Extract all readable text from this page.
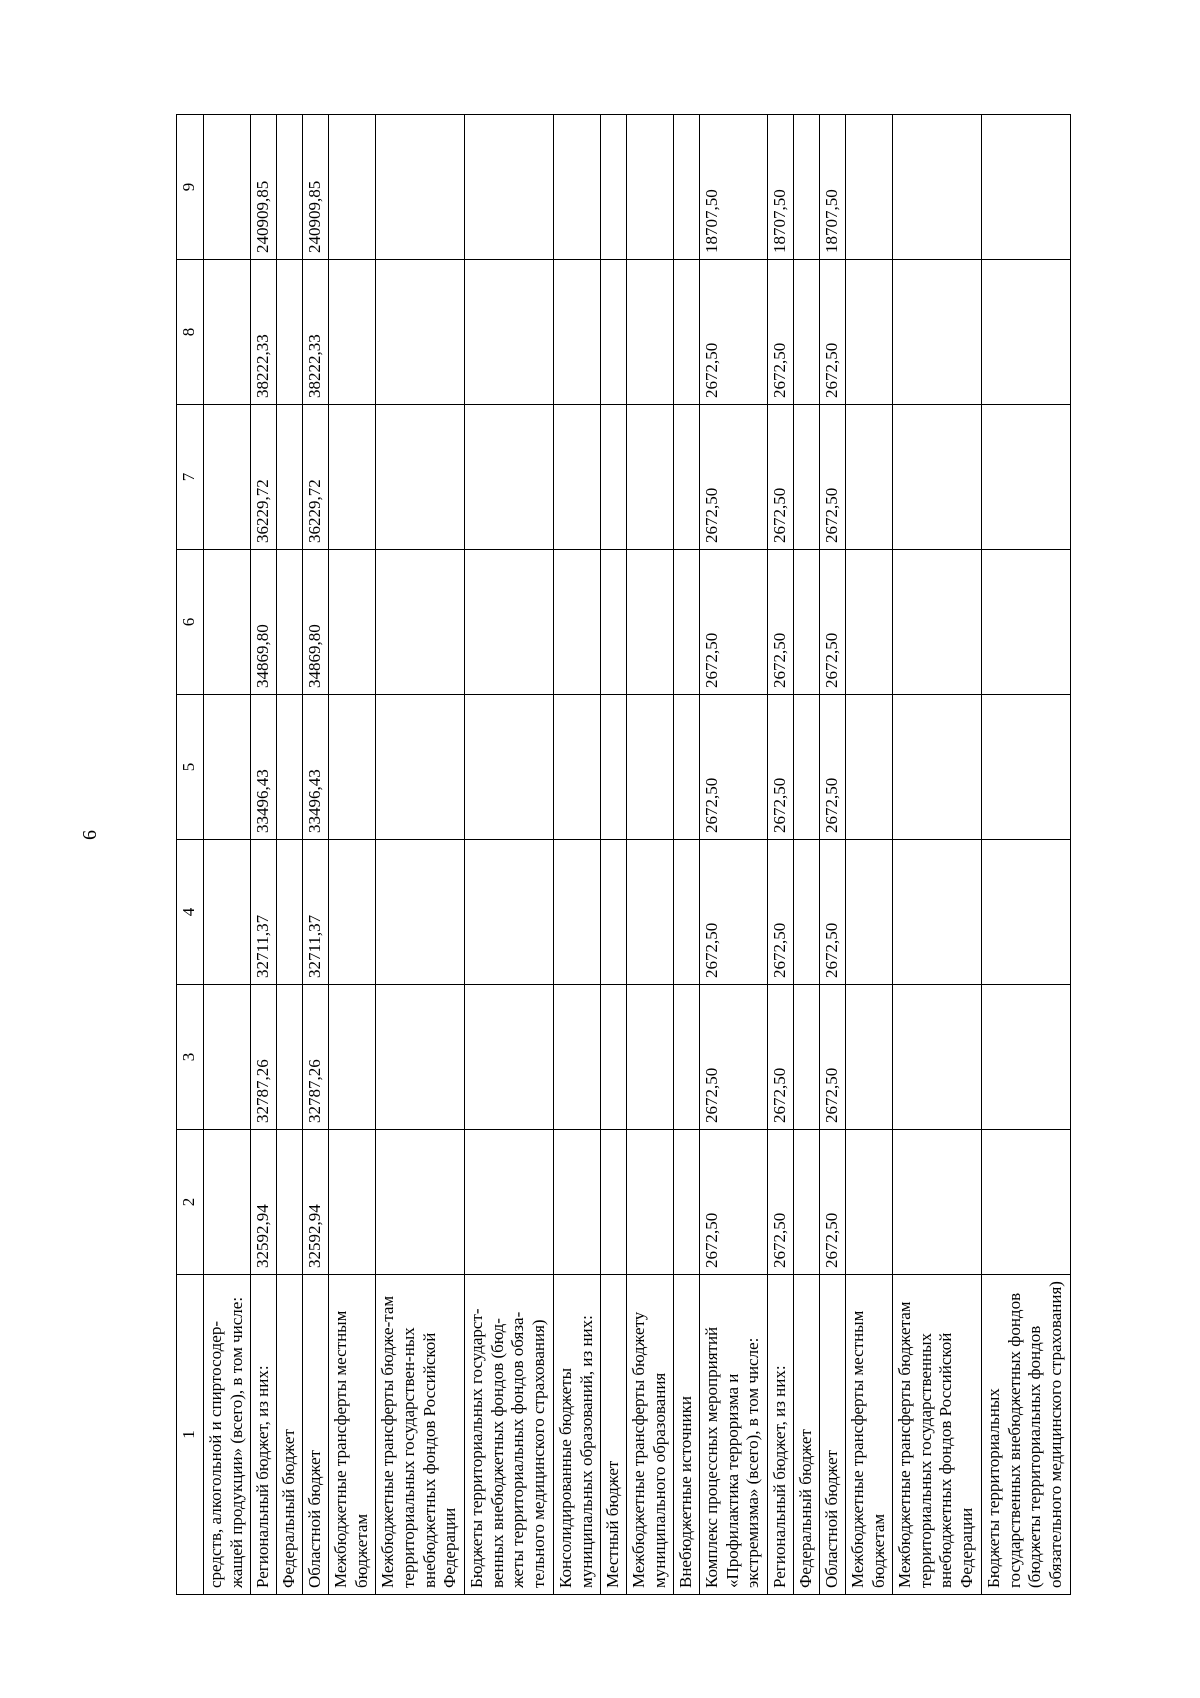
6
1	2	3	4	5	6	7	8	9
средств, алкогольной и спиртосодер-жащей продукции» (всего), в том числе:								
Региональный бюджет, из них:	32592,94	32787,26	32711,37	33496,43	34869,80	36229,72	38222,33	240909,85
Федеральный бюджет								
Областной бюджет	32592,94	32787,26	32711,37	33496,43	34869,80	36229,72	38222,33	240909,85
Межбюджетные трансферты местным бюджетам								
Межбюджетные трансферты бюдже-там территориальных государствен-ных внебюджетных фондов Российской Федерации								
Бюджеты территориальных государст-венных внебюджетных фондов (бюд-жеты территориальных фондов обяза-тельного медицинского страхования)								
Консолидированные бюджеты муниципальных образований, из них:								
Местный бюджет								
Межбюджетные трансферты бюджету муниципального образования								
Внебюджетные источники								
Комплекс процессных мероприятий «Профилактика терроризма и экстремизма» (всего), в том числе:	2672,50	2672,50	2672,50	2672,50	2672,50	2672,50	2672,50	18707,50
Региональный бюджет, из них:	2672,50	2672,50	2672,50	2672,50	2672,50	2672,50	2672,50	18707,50
Федеральный бюджет								
Областной бюджет	2672,50	2672,50	2672,50	2672,50	2672,50	2672,50	2672,50	18707,50
Межбюджетные трансферты местным бюджетам								
Межбюджетные трансферты бюджетам территориальных государственных внебюджетных фондов Российской Федерации								
Бюджеты территориальных государственных внебюджетных фондов (бюджеты территориальных фондов обязательного медицинского страхования)								
